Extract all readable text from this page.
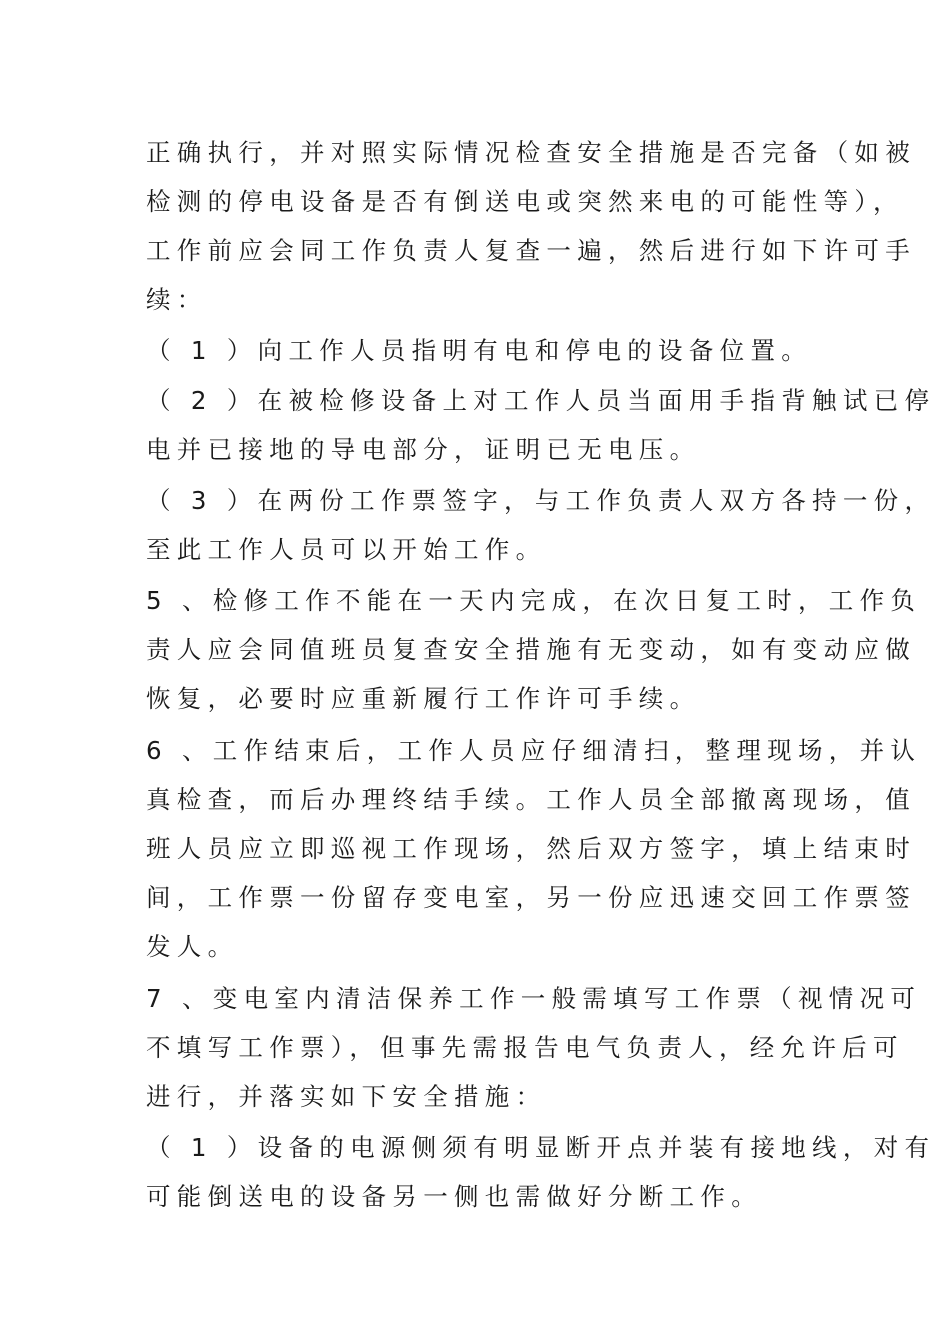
正确执行，并对照实际情况检查安全措施是否完备（如被
检测的停电设备是否有倒送电或突然来电的可能性等），
工作前应会同工作负责人复查一遍，然后进行如下许可手
续：
（ 1 ）向工作人员指明有电和停电的设备位置。
（ 2 ）在被检修设备上对工作人员当面用手指背触试已停
电并已接地的导电部分，证明已无电压。
（ 3 ）在两份工作票签字，与工作负责人双方各持一份，
至此工作人员可以开始工作。
5 、检修工作不能在一天内完成，在次日复工时，工作负
责人应会同值班员复查安全措施有无变动，如有变动应做
恢复，必要时应重新履行工作许可手续。
6 、工作结束后，工作人员应仔细清扫，整理现场，并认
真检查，而后办理终结手续。工作人员全部撤离现场，值
班人员应立即巡视工作现场，然后双方签字，填上结束时
间，工作票一份留存变电室，另一份应迅速交回工作票签
发人。
7 、变电室内清洁保养工作一般需填写工作票（视情况可
不填写工作票），但事先需报告电气负责人，经允许后可
进行，并落实如下安全措施：
（ 1 ）设备的电源侧须有明显断开点并装有接地线，对有
可能倒送电的设备另一侧也需做好分断工作。
